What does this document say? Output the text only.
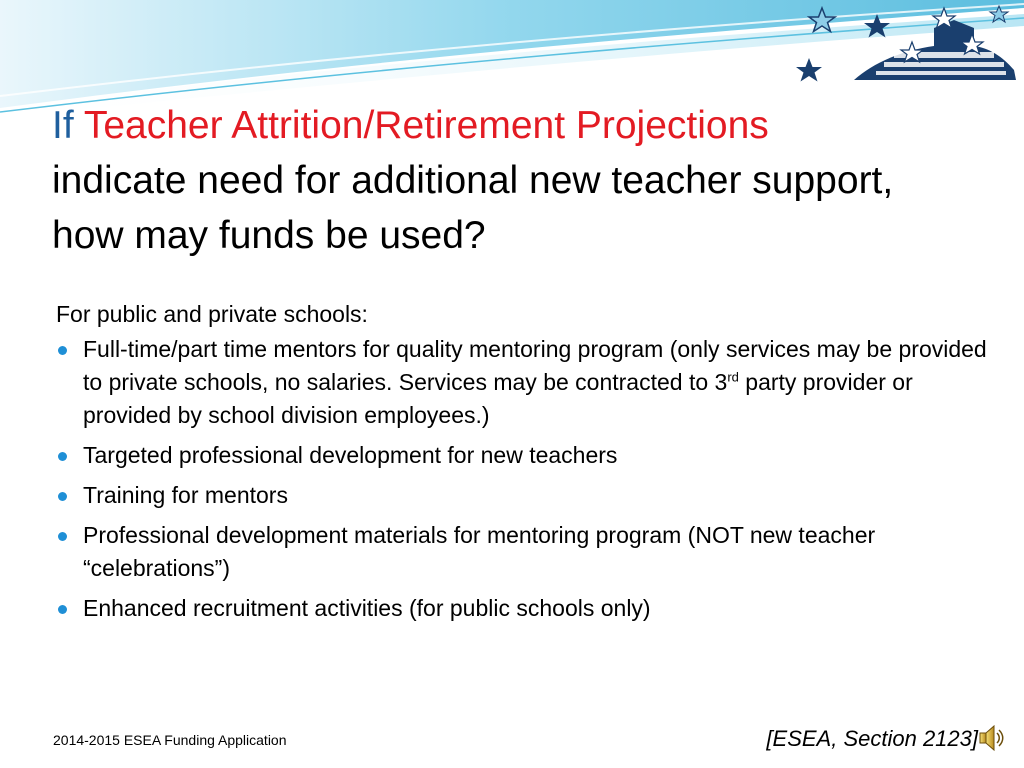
If Teacher Attrition/Retirement Projections
indicate need for additional new teacher support, how may funds be used?

For public and private schools:

Full-time/part time mentors for quality mentoring program (only services may be provided to private schools, no salaries. Services may be contracted to 3rd party provider or provided by school division employees.)
Targeted professional development for new teachers
Training for mentors
Professional development materials for mentoring program (NOT new teacher “celebrations”)
Enhanced recruitment activities (for public schools only)
2014-2015 ESEA Funding Application	[ESEA, Section 2123]
